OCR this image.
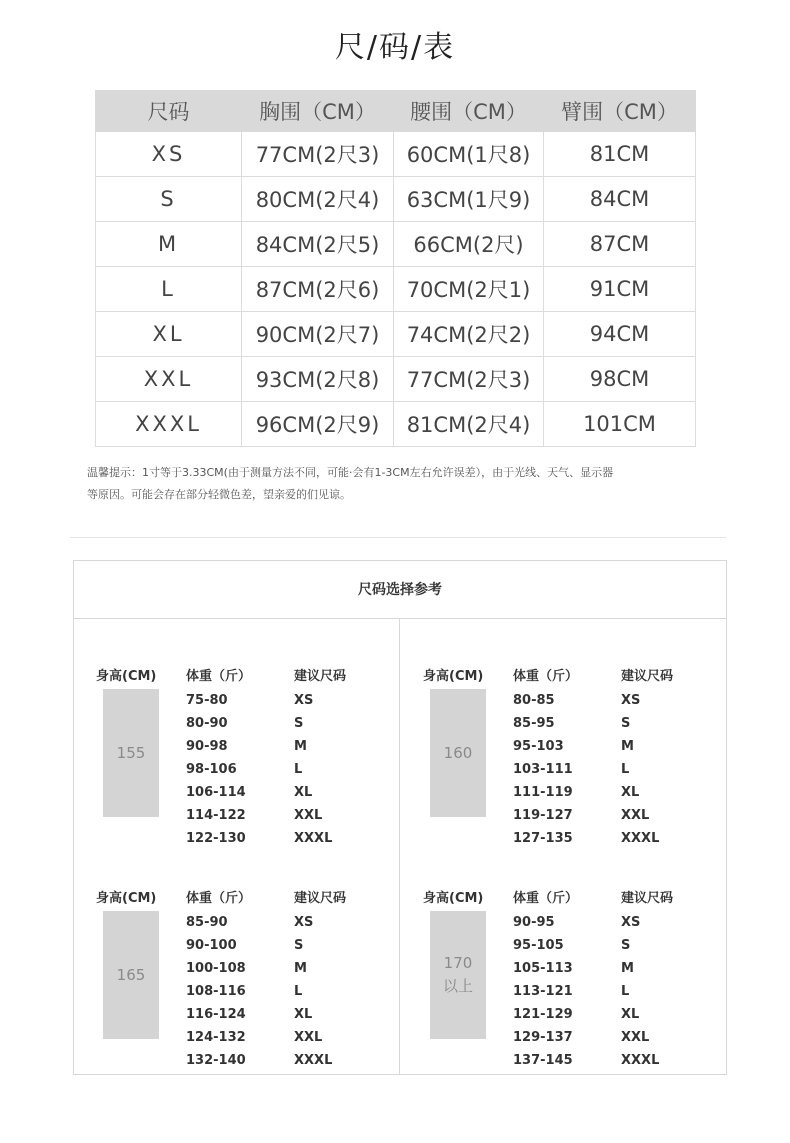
尺/码/表
尺码	胸围（CM）	腰围（CM）	臂围（CM）
XS	77CM(2尺3)	60CM(1尺8)	81CM
S	80CM(2尺4)	63CM(1尺9)	84CM
M	84CM(2尺5)	66CM(2尺)	87CM
L	87CM(2尺6)	70CM(2尺1)	91CM
XL	90CM(2尺7)	74CM(2尺2)	94CM
XXL	93CM(2尺8)	77CM(2尺3)	98CM
XXXL	96CM(2尺9)	81CM(2尺4)	101CM
温馨提示：1寸等于3.33CM(由于测量方法不同，可能·会有1-3CM左右允许误差），由于光线、天气、显示器
等原因。可能会存在部分轻微色差，望亲爱的们见谅。
尺码选择参考
身高(CM) 体重（斤）	建议尺码
155
75-80	XS
80-90	S
90-98	M
98-106	L
106-114	XL
114-122	XXL
122-130	XXXL
身高(CM) 体重（斤）	建议尺码
160
80-85	XS
85-95	S
95-103	M
103-111	L
111-119	XL
119-127	XXL
127-135	XXXL
身高(CM) 体重（斤）	建议尺码
165
85-90	XS
90-100	S
100-108	M
108-116	L
116-124	XL
124-132	XXL
132-140	XXXL
身高(CM) 体重（斤）	建议尺码
170
以上
90-95	XS
95-105	S
105-113	M
113-121	L
121-129	XL
129-137	XXL
137-145	XXXL
